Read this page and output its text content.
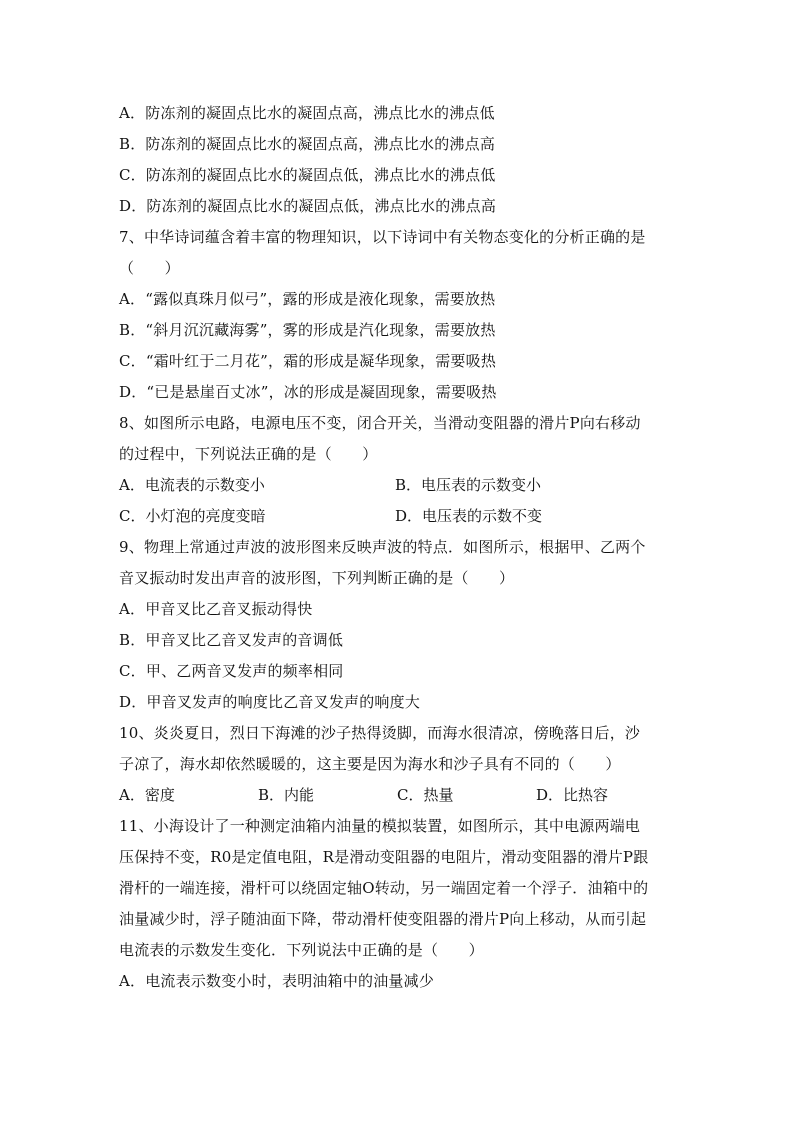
A．防冻剂的凝固点比水的凝固点高，沸点比水的沸点低
B．防冻剂的凝固点比水的凝固点高，沸点比水的沸点高
C．防冻剂的凝固点比水的凝固点低，沸点比水的沸点低
D．防冻剂的凝固点比水的凝固点低，沸点比水的沸点高
7、中华诗词蕴含着丰富的物理知识，以下诗词中有关物态变化的分析正确的是
（　　）
A．“露似真珠月似弓”，露的形成是液化现象，需要放热
B．“斜月沉沉藏海雾”，雾的形成是汽化现象，需要放热
C．“霜叶红于二月花”，霜的形成是凝华现象，需要吸热
D．“已是悬崖百丈冰”，冰的形成是凝固现象，需要吸热
8、如图所示电路，电源电压不变，闭合开关，当滑动变阻器的滑片P向右移动
的过程中，下列说法正确的是（　　）
A．电流表的示数变小	B．电压表的示数变小
C．小灯泡的亮度变暗	D．电压表的示数不变
9、物理上常通过声波的波形图来反映声波的特点．如图所示，根据甲、乙两个
音叉振动时发出声音的波形图，下列判断正确的是（　　）
A．甲音叉比乙音叉振动得快
B．甲音叉比乙音叉发声的音调低
C．甲、乙两音叉发声的频率相同
D．甲音叉发声的响度比乙音叉发声的响度大
10、炎炎夏日，烈日下海滩的沙子热得烫脚，而海水很清凉，傍晚落日后，沙
子凉了，海水却依然暖暖的，这主要是因为海水和沙子具有不同的（　　）
A．密度	B．内能	C．热量	D．比热容
11、小海设计了一种测定油箱内油量的模拟装置，如图所示，其中电源两端电
压保持不变，R0是定值电阻，R是滑动变阻器的电阻片，滑动变阻器的滑片P跟
滑杆的一端连接，滑杆可以绕固定轴O转动，另一端固定着一个浮子．油箱中的
油量减少时，浮子随油面下降，带动滑杆使变阻器的滑片P向上移动，从而引起
电流表的示数发生变化．下列说法中正确的是（　　）
A．电流表示数变小时，表明油箱中的油量减少
